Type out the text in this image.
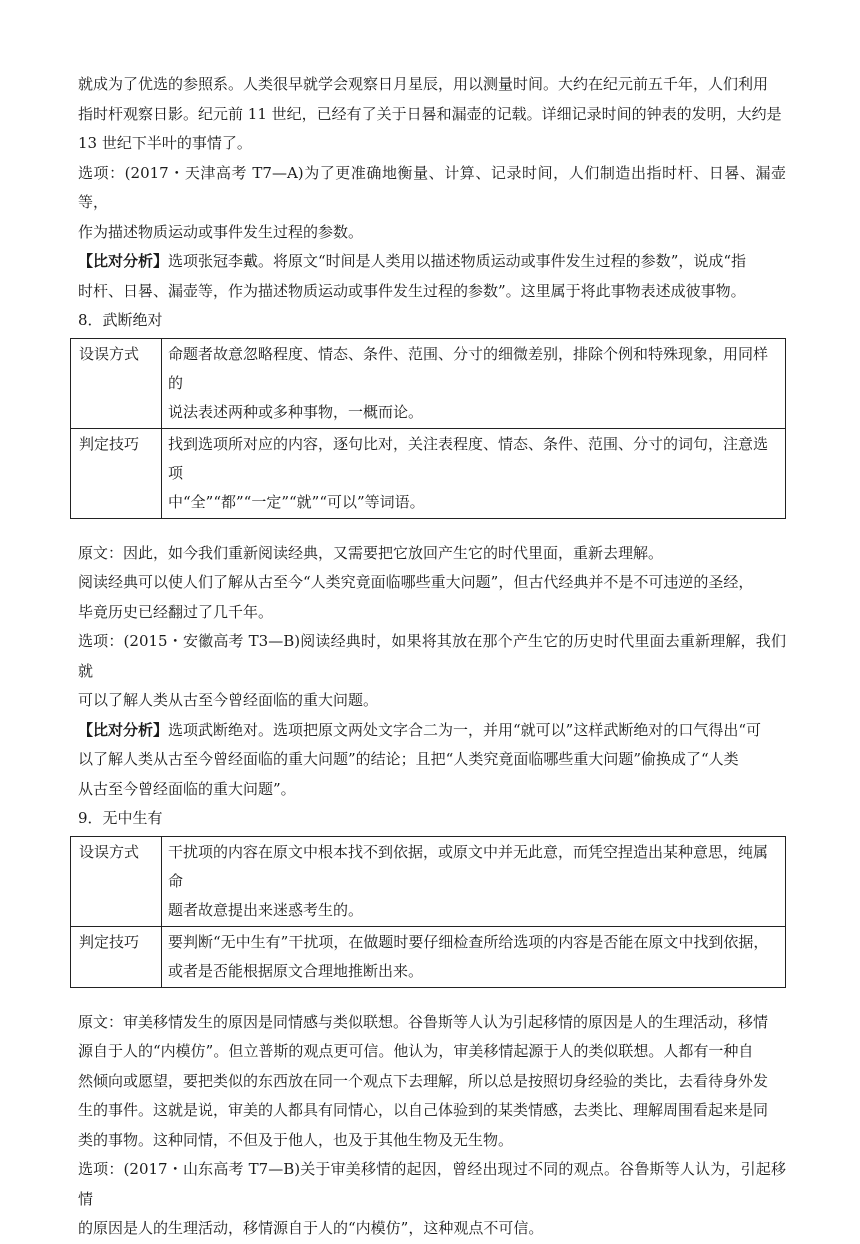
就成为了优选的参照系。人类很早就学会观察日月星辰，用以测量时间。大约在纪元前五千年，人们利用

指时杆观察日影。纪元前 11 世纪，已经有了关于日晷和漏壶的记载。详细记录时间的钟表的发明，大约是

13 世纪下半叶的事情了。

选项：(2017・天津高考 T7—A)为了更准确地衡量、计算、记录时间，人们制造出指时杆、日晷、漏壶等，

作为描述物质运动或事件发生过程的参数。

【比对分析】选项张冠李戴。将原文“时间是人类用以描述物质运动或事件发生过程的参数”，说成“指

时杆、日晷、漏壶等，作为描述物质运动或事件发生过程的参数”。这里属于将此事物表述成彼事物。

8．武断绝对

设误方式	命题者故意忽略程度、情态、条件、范围、分寸的细微差别，排除个例和特殊现象，用同样的
说法表述两种或多种事物，一概而论。

判定技巧	找到选项所对应的内容，逐句比对，关注表程度、情态、条件、范围、分寸的词句，注意选项
中“全”“都”“一定”“就”“可以”等词语。

原文：因此，如今我们重新阅读经典，又需要把它放回产生它的时代里面，重新去理解。

阅读经典可以使人们了解从古至今“人类究竟面临哪些重大问题”，但古代经典并不是不可违逆的圣经，

毕竟历史已经翻过了几千年。

选项：(2015・安徽高考 T3—B)阅读经典时，如果将其放在那个产生它的历史时代里面去重新理解，我们就

可以了解人类从古至今曾经面临的重大问题。

【比对分析】选项武断绝对。选项把原文两处文字合二为一，并用“就可以”这样武断绝对的口气得出“可

以了解人类从古至今曾经面临的重大问题”的结论；且把“人类究竟面临哪些重大问题”偷换成了“人类

从古至今曾经面临的重大问题”。

9．无中生有

设误方式	干扰项的内容在原文中根本找不到依据，或原文中并无此意，而凭空捏造出某种意思，纯属命
题者故意提出来迷惑考生的。

判定技巧	要判断“无中生有”干扰项，在做题时要仔细检查所给选项的内容是否能在原文中找到依据，
或者是否能根据原文合理地推断出来。

原文：审美移情发生的原因是同情感与类似联想。谷鲁斯等人认为引起移情的原因是人的生理活动，移情

源自于人的“内模仿”。但立普斯的观点更可信。他认为，审美移情起源于人的类似联想。人都有一种自

然倾向或愿望，要把类似的东西放在同一个观点下去理解，所以总是按照切身经验的类比，去看待身外发

生的事件。这就是说，审美的人都具有同情心，以自己体验到的某类情感，去类比、理解周围看起来是同

类的事物。这种同情，不但及于他人，也及于其他生物及无生物。

选项：(2017・山东高考 T7—B)关于审美移情的起因，曾经出现过不同的观点。谷鲁斯等人认为，引起移情

的原因是人的生理活动，移情源自于人的“内模仿”，这种观点不可信。
